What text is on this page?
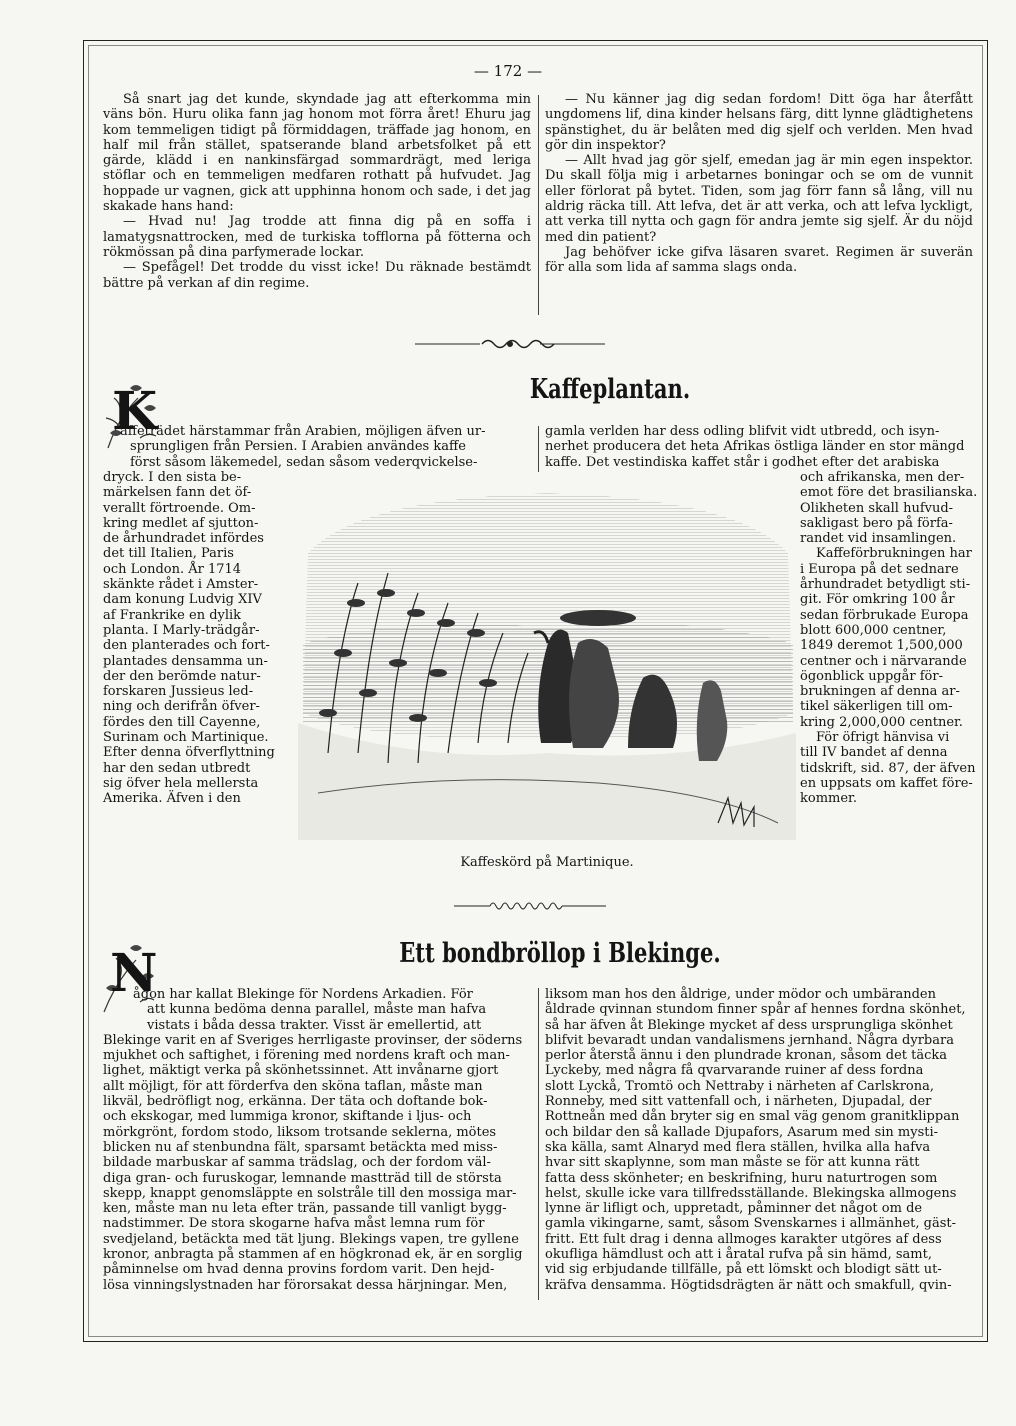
— 172 —

Så snart jag det kunde, skyndade jag att efterkomma min väns bön. Huru olika fann jag honom mot förra året! Ehuru jag kom temmeligen tidigt på förmiddagen, träffade jag honom, en half mil från stället, spatserande bland arbetsfolket på ett gärde, klädd i en nankinsfärgad sommardrägt, med leriga stöflar och en temmeligen medfaren rothatt på hufvudet. Jag hoppade ur vagnen, gick att upphinna honom och sade, i det jag skakade hans hand:

— Hvad nu! Jag trodde att finna dig på en soffa i lamatygsnattrocken, med de turkiska tofflorna på fötterna och rökmössan på dina parfymerade lockar.

— Spefågel! Det trodde du visst icke! Du räknade bestämdt bättre på verkan af din regime.

— Nu känner jag dig sedan fordom! Ditt öga har återfått ungdomens lif, dina kinder helsans färg, ditt lynne glädtighetens spänstighet, du är belåten med dig sjelf och verlden. Men hvad gör din inspektor?

— Allt hvad jag gör sjelf, emedan jag är min egen inspektor. Du skall följa mig i arbetarnes boningar och se om de vunnit eller förlorat på bytet. Tiden, som jag förr fann så lång, vill nu aldrig räcka till. Att lefva, det är att verka, och att lefva lyckligt, att verka till nytta och gagn för andra jemte sig sjelf. Är du nöjd med din patient?

Jag behöfver icke gifva läsaren svaret. Regimen är suverän för alla som lida af samma slags onda.

Kaffeplantan.
K
affeträdet härstammar från Arabien, möjligen äfven ur-
sprungligen från Persien. I Arabien användes kaffe
först såsom läkemedel, sedan såsom vederqvickelse-
gamla verlden har dess odling blifvit vidt utbredd, och isyn-
nerhet producera det heta Afrikas östliga länder en stor mängd
kaffe. Det vestindiska kaffet står i godhet efter det arabiska
dryck. I den sista be-
märkelsen fann det öf-
verallt förtroende. Om-
kring medlet af sjutton-
de århundradet infördes
det till Italien, Paris
och London. År 1714
skänkte rådet i Amster-
dam konung Ludvig XIV
af Frankrike en dylik
planta. I Marly-trädgår-
den planterades och fort-
plantades densamma un-
der den berömde natur-
forskaren Jussieus led-
ning och derifrån öfver-
fördes den till Cayenne,
Surinam och Martinique.
Efter denna öfverflyttning
har den sedan utbredt
sig öfver hela mellersta
Amerika. Äfven i den
och afrikanska, men der-
emot före det brasilianska.
Olikheten skall hufvud-
sakligast bero på förfa-
randet vid insamlingen.
Kaffeförbrukningen har
i Europa på det sednare
århundradet betydligt sti-
git. För omkring 100 år
sedan förbrukade Europa
blott 600,000 centner,
1849 deremot 1,500,000
centner och i närvarande
ögonblick uppgår för-
brukningen af denna ar-
tikel säkerligen till om-
kring 2,000,000 centner.
För öfrigt hänvisa vi
till IV bandet af denna
tidskrift, sid. 87, der äfven
en uppsats om kaffet före-
kommer.
Kaffeskörd på Martinique.
Ett bondbröllop i Blekinge.
N
ågon har kallat Blekinge för Nordens Arkadien. För
att kunna bedöma denna parallel, måste man hafva
vistats i båda dessa trakter. Visst är emellertid, att
Blekinge varit en af Sveriges herrligaste provinser, der söderns
mjukhet och saftighet, i förening med nordens kraft och man-
lighet, mäktigt verka på skönhetssinnet. Att invånarne gjort
allt möjligt, för att förderfva den sköna taflan, måste man
likväl, bedröfligt nog, erkänna. Der täta och doftande bok-
och ekskogar, med lummiga kronor, skiftande i ljus- och
mörkgrönt, fordom stodo, liksom trotsande seklerna, mötes
blicken nu af stenbundna fält, sparsamt betäckta med miss-
bildade marbuskar af samma trädslag, och der fordom väl-
diga gran- och furuskogar, lemnande mastträd till de största
skepp, knappt genomsläppte en solstråle till den mossiga mar-
ken, måste man nu leta efter trän, passande till vanligt bygg-
nadstimmer. De stora skogarne hafva måst lemna rum för
svedjeland, betäckta med tät ljung. Blekings vapen, tre gyllene
kronor, anbragta på stammen af en högkronad ek, är en sorglig
påminnelse om hvad denna provins fordom varit. Den hejd-
lösa vinningslystnaden har förorsakat dessa härjningar. Men,
liksom man hos den åldrige, under mödor och umbäranden
åldrade qvinnan stundom finner spår af hennes fordna skönhet,
så har äfven åt Blekinge mycket af dess ursprungliga skönhet
blifvit bevaradt undan vandalismens jernhand. Några dyrbara
perlor återstå ännu i den plundrade kronan, såsom det täcka
Lyckeby, med några få qvarvarande ruiner af dess fordna
slott Lyckå, Tromtö och Nettraby i närheten af Carlskrona,
Ronneby, med sitt vattenfall och, i närheten, Djupadal, der
Rottneån med dån bryter sig en smal väg genom granitklippan
och bildar den så kallade Djupafors, Asarum med sin mysti-
ska källa, samt Alnaryd med flera ställen, hvilka alla hafva
hvar sitt skaplynne, som man måste se för att kunna rätt
fatta dess skönheter; en beskrifning, huru naturtrogen som
helst, skulle icke vara tillfredsställande. Blekingska allmogens
lynne är lifligt och, uppretadt, påminner det något om de
gamla vikingarne, samt, såsom Svenskarnes i allmänhet, gäst-
fritt. Ett fult drag i denna allmoges karakter utgöres af dess
okufliga hämdlust och att i åratal rufva på sin hämd, samt,
vid sig erbjudande tillfälle, på ett lömskt och blodigt sätt ut-
kräfva densamma. Högtidsdrägten är nätt och smakfull, qvin-
